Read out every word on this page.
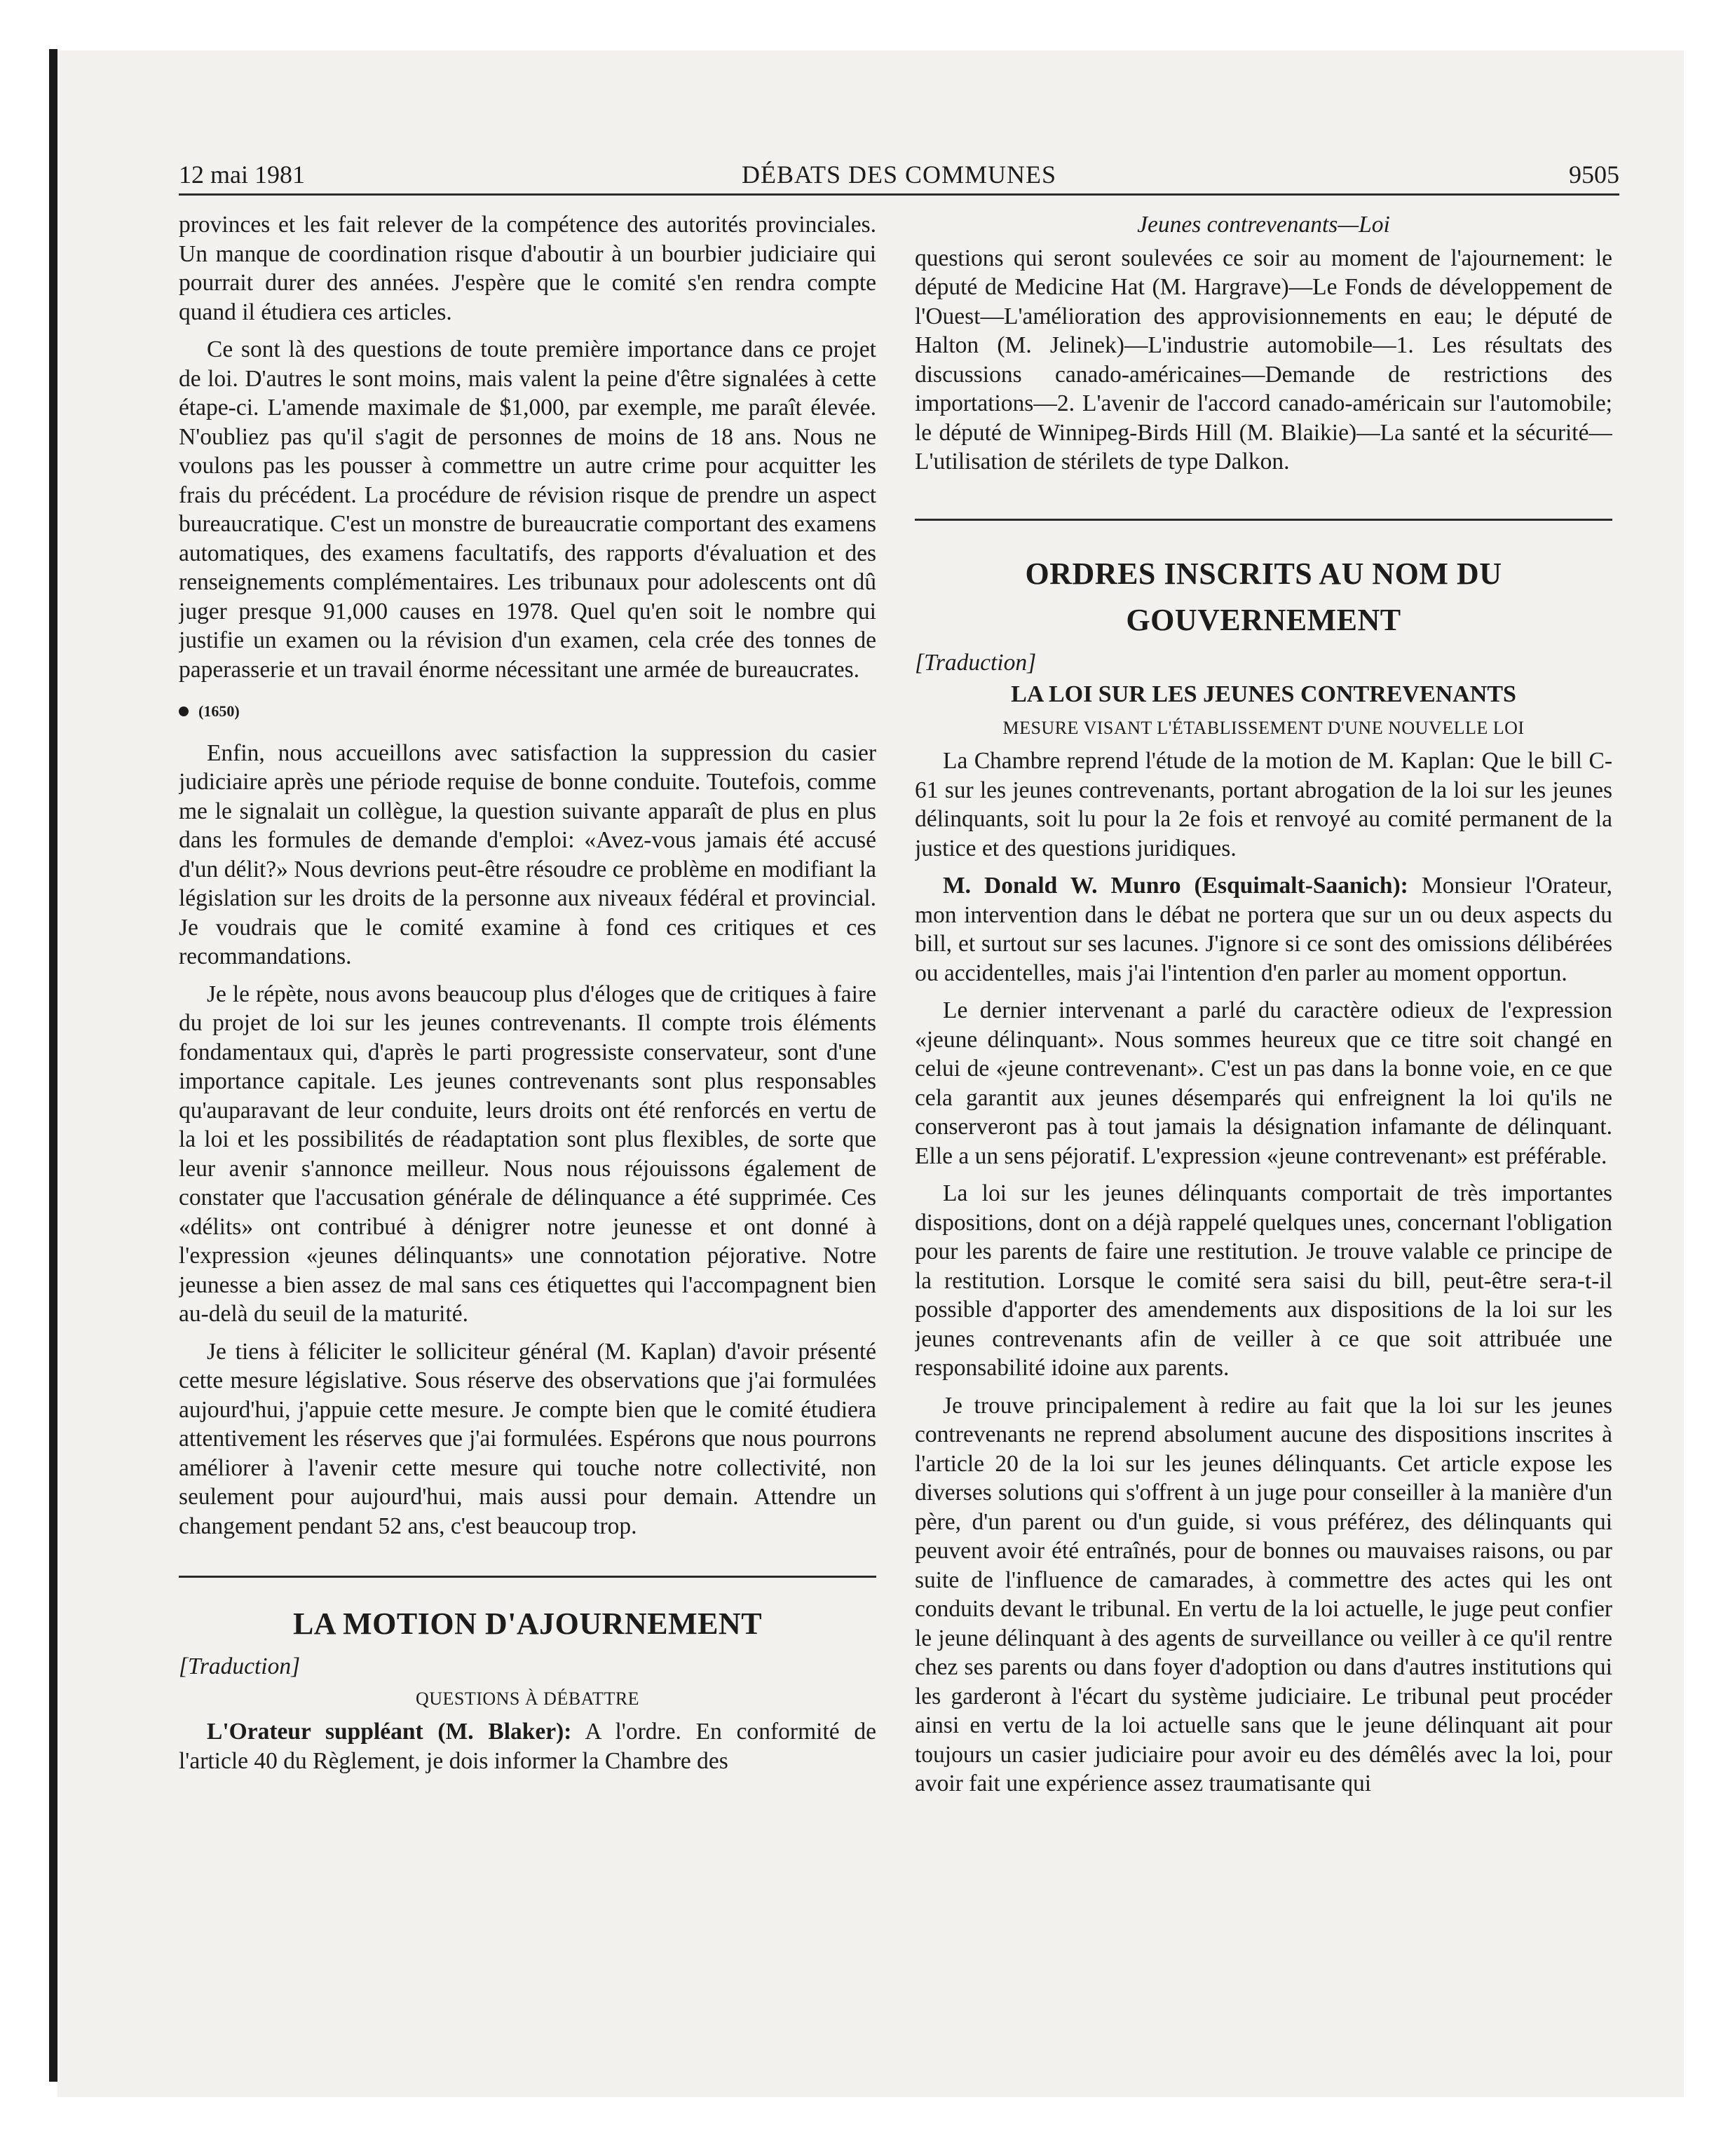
12 mai 1981	DÉBATS DES COMMUNES	9505

provinces et les fait relever de la compétence des autorités provinciales. Un manque de coordination risque d'aboutir à un bourbier judiciaire qui pourrait durer des années. J'espère que le comité s'en rendra compte quand il étudiera ces articles.

Ce sont là des questions de toute première importance dans ce projet de loi. D'autres le sont moins, mais valent la peine d'être signalées à cette étape-ci. L'amende maximale de $1,000, par exemple, me paraît élevée. N'oubliez pas qu'il s'agit de personnes de moins de 18 ans. Nous ne voulons pas les pousser à commettre un autre crime pour acquitter les frais du précédent. La procédure de révision risque de prendre un aspect bureaucratique. C'est un monstre de bureaucratie comportant des examens automatiques, des examens facultatifs, des rapports d'évaluation et des renseignements complémentaires. Les tribunaux pour adolescents ont dû juger presque 91,000 causes en 1978. Quel qu'en soit le nombre qui justifie un examen ou la révision d'un examen, cela crée des tonnes de paperasserie et un travail énorme nécessitant une armée de bureaucrates.

(1650)

Enfin, nous accueillons avec satisfaction la suppression du casier judiciaire après une période requise de bonne conduite. Toutefois, comme me le signalait un collègue, la question suivante apparaît de plus en plus dans les formules de demande d'emploi: «Avez-vous jamais été accusé d'un délit?» Nous devrions peut-être résoudre ce problème en modifiant la législation sur les droits de la personne aux niveaux fédéral et provincial. Je voudrais que le comité examine à fond ces critiques et ces recommandations.

Je le répète, nous avons beaucoup plus d'éloges que de critiques à faire du projet de loi sur les jeunes contrevenants. Il compte trois éléments fondamentaux qui, d'après le parti progressiste conservateur, sont d'une importance capitale. Les jeunes contrevenants sont plus responsables qu'auparavant de leur conduite, leurs droits ont été renforcés en vertu de la loi et les possibilités de réadaptation sont plus flexibles, de sorte que leur avenir s'annonce meilleur. Nous nous réjouissons également de constater que l'accusation générale de délinquance a été supprimée. Ces «délits» ont contribué à dénigrer notre jeunesse et ont donné à l'expression «jeunes délinquants» une connotation péjorative. Notre jeunesse a bien assez de mal sans ces étiquettes qui l'accompagnent bien au-delà du seuil de la maturité.

Je tiens à féliciter le solliciteur général (M. Kaplan) d'avoir présenté cette mesure législative. Sous réserve des observations que j'ai formulées aujourd'hui, j'appuie cette mesure. Je compte bien que le comité étudiera attentivement les réserves que j'ai formulées. Espérons que nous pourrons améliorer à l'avenir cette mesure qui touche notre collectivité, non seulement pour aujourd'hui, mais aussi pour demain. Attendre un changement pendant 52 ans, c'est beaucoup trop.

LA MOTION D'AJOURNEMENT
[Traduction]
QUESTIONS À DÉBATTRE

L'Orateur suppléant (M. Blaker): A l'ordre. En conformité de l'article 40 du Règlement, je dois informer la Chambre des

Jeunes contrevenants—Loi

questions qui seront soulevées ce soir au moment de l'ajournement: le député de Medicine Hat (M. Hargrave)—Le Fonds de développement de l'Ouest—L'amélioration des approvisionnements en eau; le député de Halton (M. Jelinek)—L'industrie automobile—1. Les résultats des discussions canado-américaines—Demande de restrictions des importations—2. L'avenir de l'accord canado-américain sur l'automobile; le député de Winnipeg-Birds Hill (M. Blaikie)—La santé et la sécurité—L'utilisation de stérilets de type Dalkon.

ORDRES INSCRITS AU NOM DU
GOUVERNEMENT
[Traduction]
LA LOI SUR LES JEUNES CONTREVENANTS
MESURE VISANT L'ÉTABLISSEMENT D'UNE NOUVELLE LOI

La Chambre reprend l'étude de la motion de M. Kaplan: Que le bill C-61 sur les jeunes contrevenants, portant abrogation de la loi sur les jeunes délinquants, soit lu pour la 2e fois et renvoyé au comité permanent de la justice et des questions juridiques.

M. Donald W. Munro (Esquimalt-Saanich): Monsieur l'Orateur, mon intervention dans le débat ne portera que sur un ou deux aspects du bill, et surtout sur ses lacunes. J'ignore si ce sont des omissions délibérées ou accidentelles, mais j'ai l'intention d'en parler au moment opportun.

Le dernier intervenant a parlé du caractère odieux de l'expression «jeune délinquant». Nous sommes heureux que ce titre soit changé en celui de «jeune contrevenant». C'est un pas dans la bonne voie, en ce que cela garantit aux jeunes désemparés qui enfreignent la loi qu'ils ne conserveront pas à tout jamais la désignation infamante de délinquant. Elle a un sens péjoratif. L'expression «jeune contrevenant» est préférable.

La loi sur les jeunes délinquants comportait de très importantes dispositions, dont on a déjà rappelé quelques unes, concernant l'obligation pour les parents de faire une restitution. Je trouve valable ce principe de la restitution. Lorsque le comité sera saisi du bill, peut-être sera-t-il possible d'apporter des amendements aux dispositions de la loi sur les jeunes contrevenants afin de veiller à ce que soit attribuée une responsabilité idoine aux parents.

Je trouve principalement à redire au fait que la loi sur les jeunes contrevenants ne reprend absolument aucune des dispositions inscrites à l'article 20 de la loi sur les jeunes délinquants. Cet article expose les diverses solutions qui s'offrent à un juge pour conseiller à la manière d'un père, d'un parent ou d'un guide, si vous préférez, des délinquants qui peuvent avoir été entraînés, pour de bonnes ou mauvaises raisons, ou par suite de l'influence de camarades, à commettre des actes qui les ont conduits devant le tribunal. En vertu de la loi actuelle, le juge peut confier le jeune délinquant à des agents de surveillance ou veiller à ce qu'il rentre chez ses parents ou dans foyer d'adoption ou dans d'autres institutions qui les garderont à l'écart du système judiciaire. Le tribunal peut procéder ainsi en vertu de la loi actuelle sans que le jeune délinquant ait pour toujours un casier judiciaire pour avoir eu des démêlés avec la loi, pour avoir fait une expérience assez traumatisante qui
